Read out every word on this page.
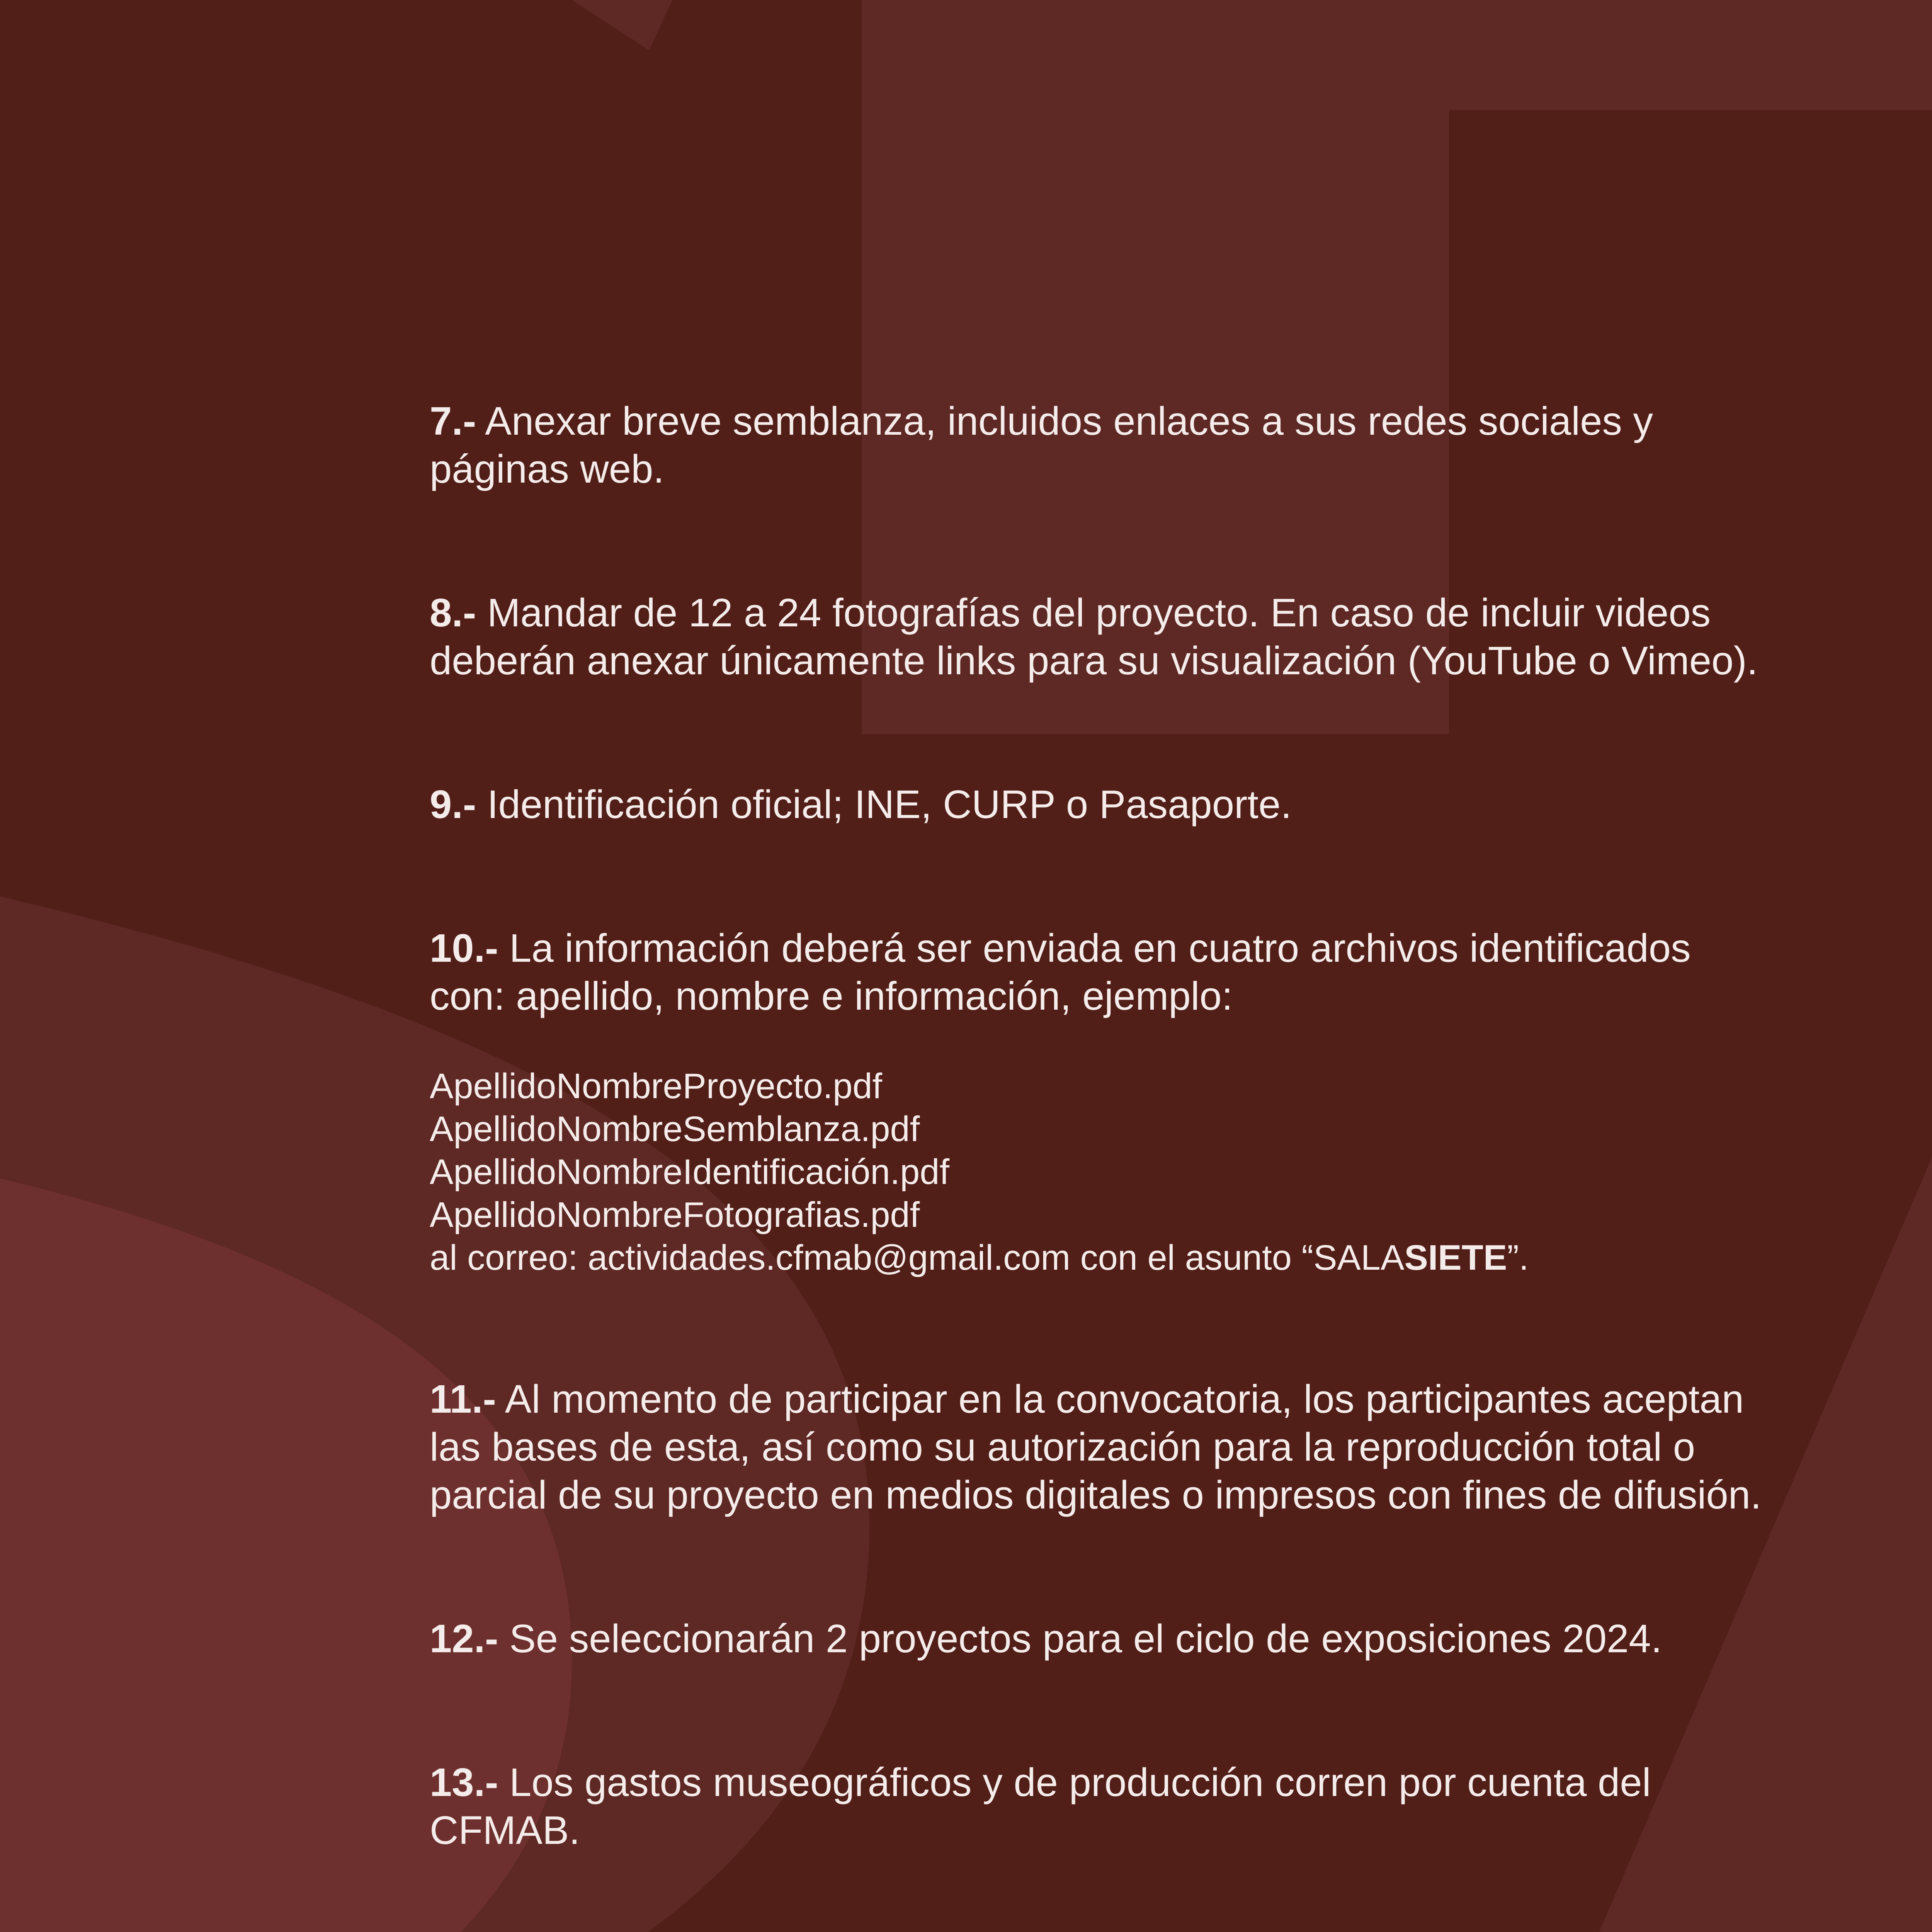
7.- Anexar breve semblanza, incluidos enlaces a sus redes sociales y páginas web.

8.- Mandar de 12 a 24 fotografías del proyecto. En caso de incluir videos deberán anexar únicamente links para su visualización (YouTube o Vimeo).

9.- Identificación oficial; INE, CURP o Pasaporte.

10.- La información deberá ser enviada en cuatro archivos identificados con: apellido, nombre e información, ejemplo:

ApellidoNombreProyecto.pdf
ApellidoNombreSemblanza.pdf
ApellidoNombreIdentificación.pdf
ApellidoNombreFotografias.pdf
al correo: actividades.cfmab@gmail.com con el asunto “SALASIETE”.

11.- Al momento de participar en la convocatoria, los participantes aceptan las bases de esta, así como su autorización para la reproducción total o parcial de su proyecto en medios digitales o impresos con fines de difusión.

12.- Se seleccionarán 2 proyectos para el ciclo de exposiciones 2024.

13.- Los gastos museográficos y de producción corren por cuenta del CFMAB.
